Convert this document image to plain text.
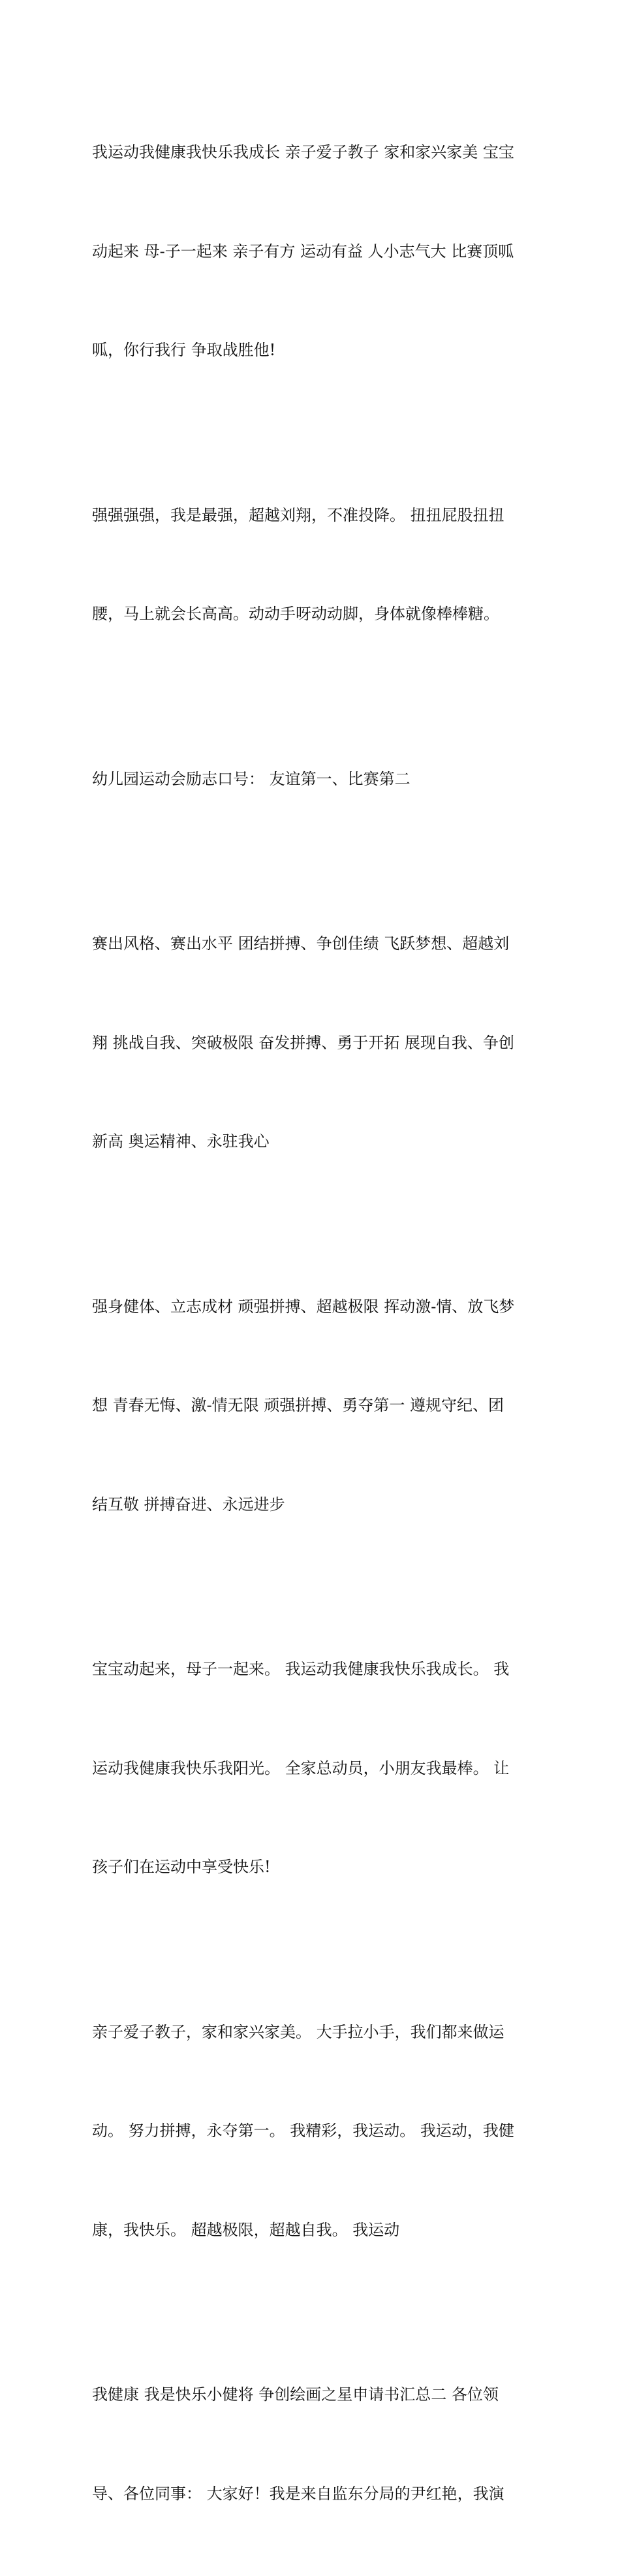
我运动我健康我快乐我成长 亲子爱子教子 家和家兴家美 宝宝

动起来 母-子一起来 亲子有方 运动有益 人小志气大 比赛顶呱

呱，你行我行 争取战胜他!

强强强强，我是最强，超越刘翔，不准投降。 扭扭屁股扭扭

腰，马上就会长高高。动动手呀动动脚，身体就像棒棒糖。

幼儿园运动会励志口号： 友谊第一、比赛第二

赛出风格、赛出水平 团结拼搏、争创佳绩 飞跃梦想、超越刘

翔 挑战自我、突破极限 奋发拼搏、勇于开拓 展现自我、争创

新高 奥运精神、永驻我心

强身健体、立志成材 顽强拼搏、超越极限 挥动激-情、放飞梦

想 青春无悔、激-情无限 顽强拼搏、勇夺第一 遵规守纪、团

结互敬 拼搏奋进、永远进步

宝宝动起来，母子一起来。 我运动我健康我快乐我成长。 我

运动我健康我快乐我阳光。 全家总动员，小朋友我最棒。 让

孩子们在运动中享受快乐!

亲子爱子教子，家和家兴家美。 大手拉小手，我们都来做运

动。 努力拼搏，永夺第一。 我精彩，我运动。 我运动，我健

康，我快乐。 超越极限，超越自我。 我运动

我健康 我是快乐小健将 争创绘画之星申请书汇总二 各位领

导、各位同事： 大家好！我是来自监东分局的尹红艳，我演
